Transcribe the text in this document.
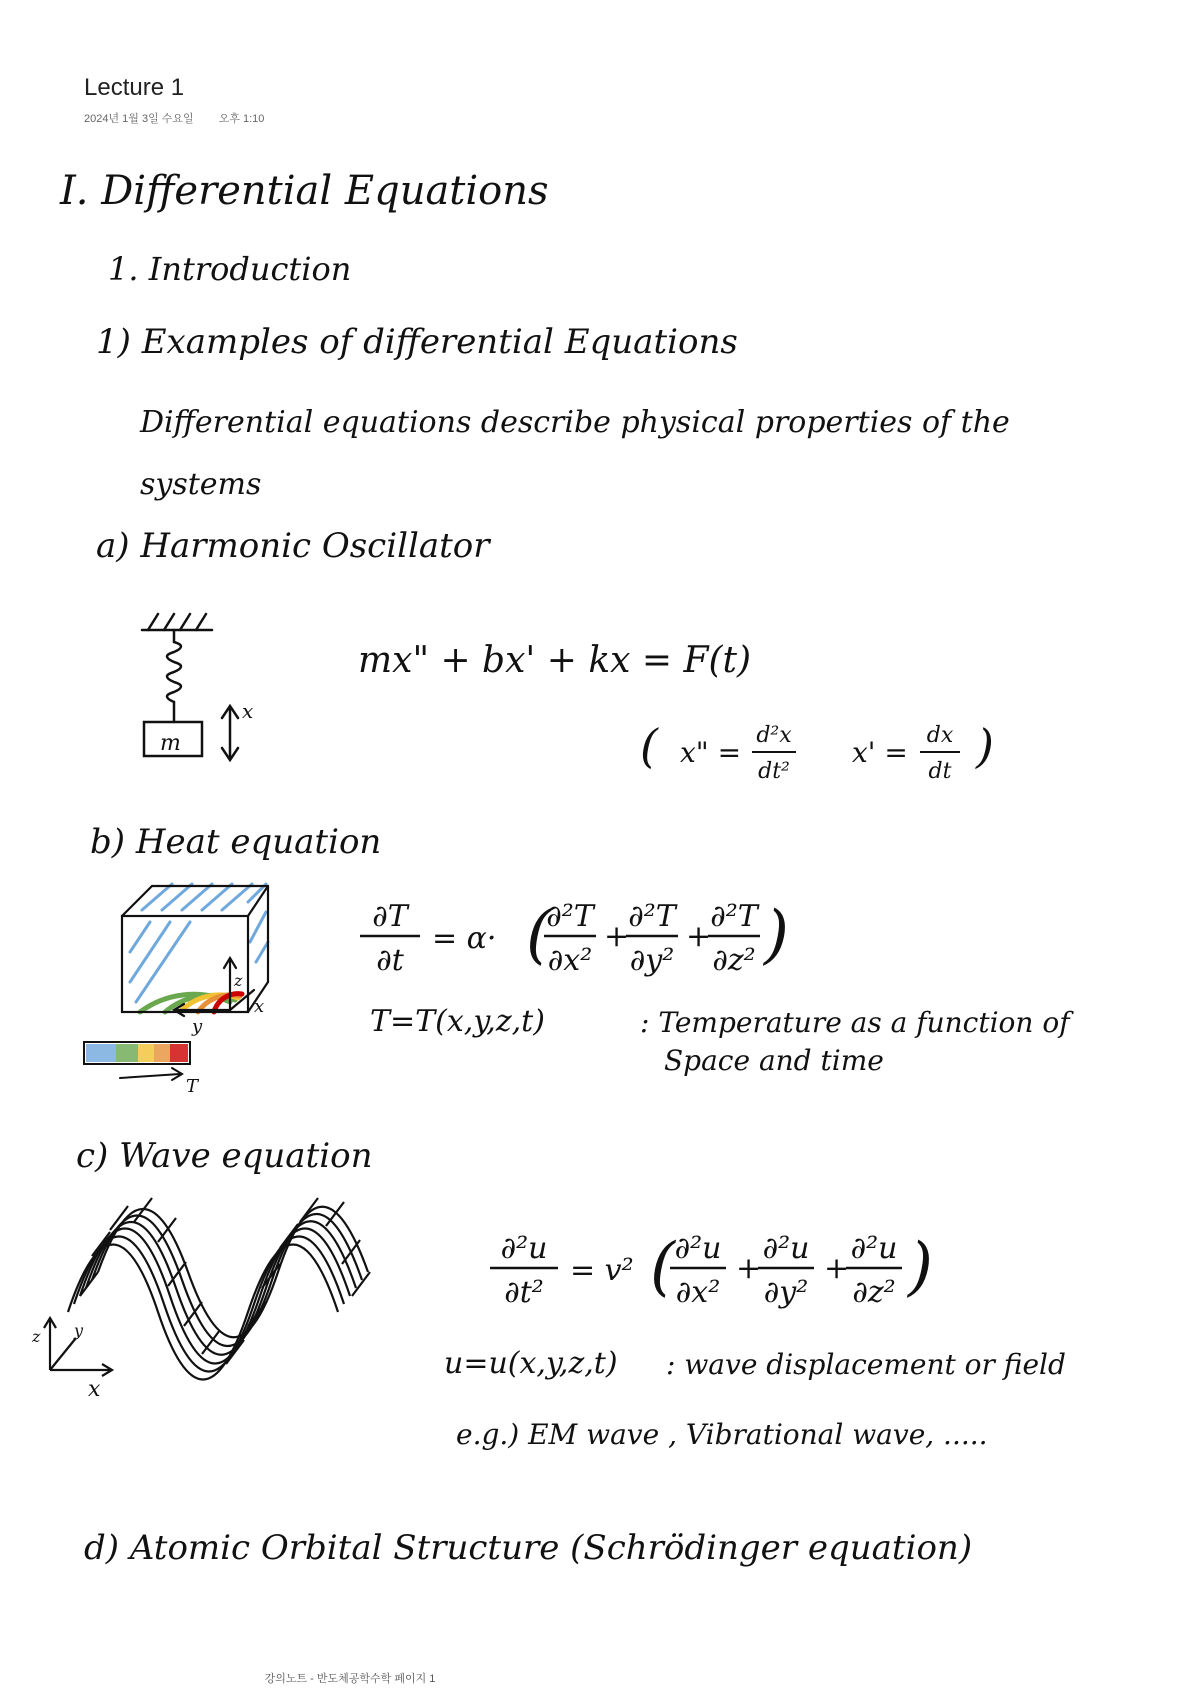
Lecture 1
2024년 1월 3일 수요일 오후 1:10
I. Differential Equations
1. Introduction
1) Examples of differential Equations
Differential equations describe physical properties of the systems
a) Harmonic Oscillator
m
x
mx" + bx' + kx = F(t)
( x" =
d²x
dt²
x' =
dx
dt )
b) Heat equation
z
y
x
T
∂T
∂t
= α· (
∂²T
∂x²
+
∂²T
∂y²
+
∂²T
∂z² )
T=T(x,y,z,t)	: Temperature as a function of
Space and time
c) Wave equation
x
y
z
∂²u
∂t²
= v² ( ∂²u
∂x²
+
∂²u
∂y²
+
∂²u
∂z² )
u=u(x,y,z,t) : wave displacement or field
e.g.) EM wave , Vibrational wave, .....
d) Atomic Orbital Structure (Schrödinger equation)
강의노트 - 반도체공학수학 페이지 1
